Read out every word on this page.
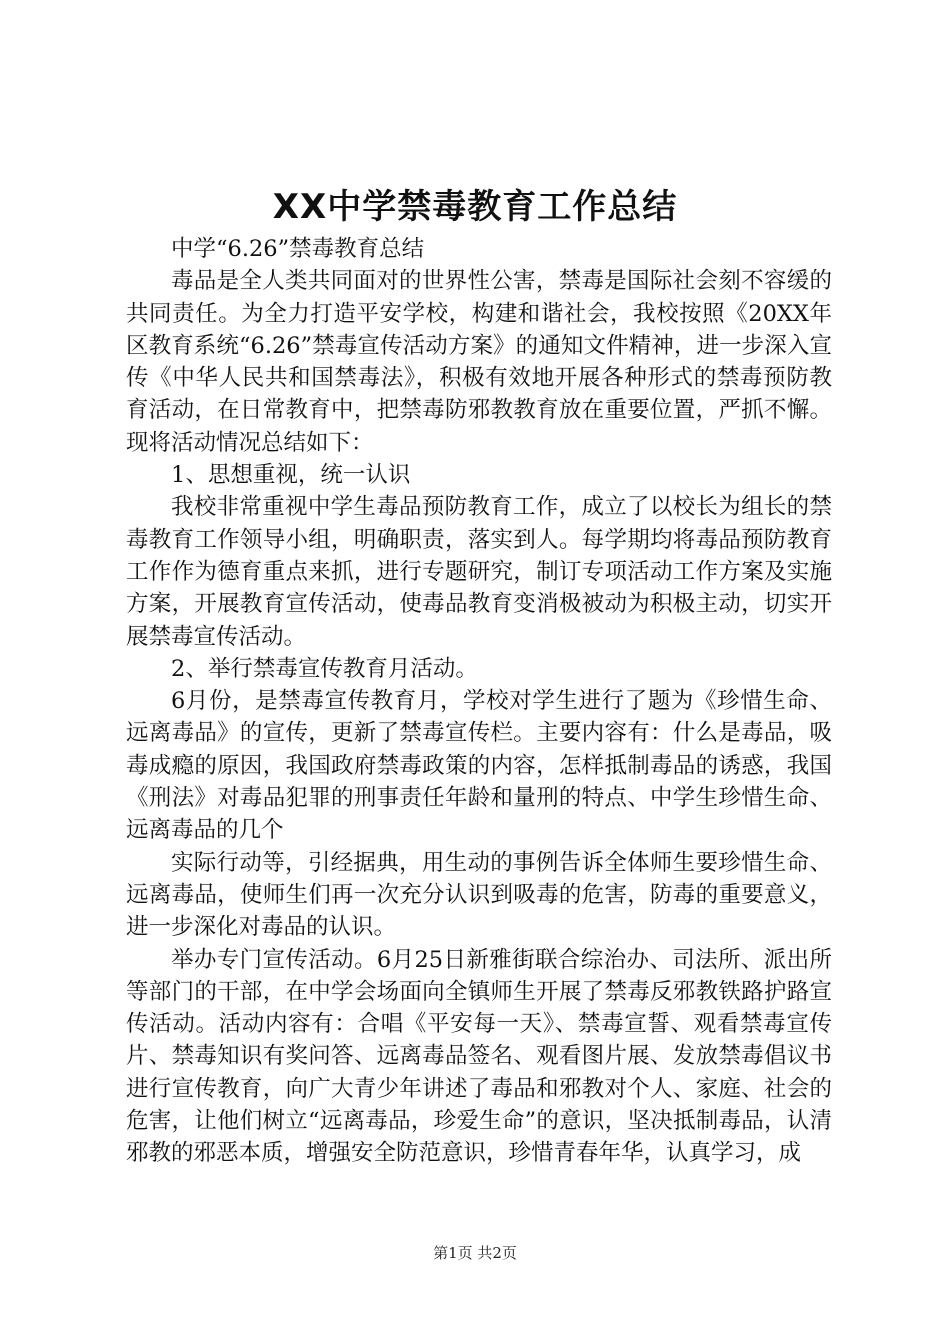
XX中学禁毒教育工作总结

中学“6.26”禁毒教育总结

毒品是全人类共同面对的世界性公害，禁毒是国际社会刻不容缓的共同责任。为全力打造平安学校，构建和谐社会，我校按照《20XX年区教育系统“6.26”禁毒宣传活动方案》的通知文件精神，进一步深入宣传《中华人民共和国禁毒法》，积极有效地开展各种形式的禁毒预防教育活动，在日常教育中，把禁毒防邪教教育放在重要位置，严抓不懈。现将活动情况总结如下：

1、思想重视，统一认识

我校非常重视中学生毒品预防教育工作，成立了以校长为组长的禁毒教育工作领导小组，明确职责，落实到人。每学期均将毒品预防教育工作作为德育重点来抓，进行专题研究，制订专项活动工作方案及实施方案，开展教育宣传活动，使毒品教育变消极被动为积极主动，切实开展禁毒宣传活动。

2、举行禁毒宣传教育月活动。

6月份，是禁毒宣传教育月，学校对学生进行了题为《珍惜生命、远离毒品》的宣传，更新了禁毒宣传栏。主要内容有：什么是毒品，吸毒成瘾的原因，我国政府禁毒政策的内容，怎样抵制毒品的诱惑，我国《刑法》对毒品犯罪的刑事责任年龄和量刑的特点、中学生珍惜生命、远离毒品的几个

实际行动等，引经据典，用生动的事例告诉全体师生要珍惜生命、远离毒品，使师生们再一次充分认识到吸毒的危害，防毒的重要意义，进一步深化对毒品的认识。

举办专门宣传活动。6月25日新雅街联合综治办、司法所、派出所等部门的干部，在中学会场面向全镇师生开展了禁毒反邪教铁路护路宣传活动。活动内容有：合唱《平安每一天》、禁毒宣誓、观看禁毒宣传片、禁毒知识有奖问答、远离毒品签名、观看图片展、发放禁毒倡议书进行宣传教育，向广大青少年讲述了毒品和邪教对个人、家庭、社会的危害，让他们树立“远离毒品，珍爱生命”的意识，坚决抵制毒品，认清邪教的邪恶本质，增强安全防范意识，珍惜青春年华，认真学习，成

第1页 共2页
